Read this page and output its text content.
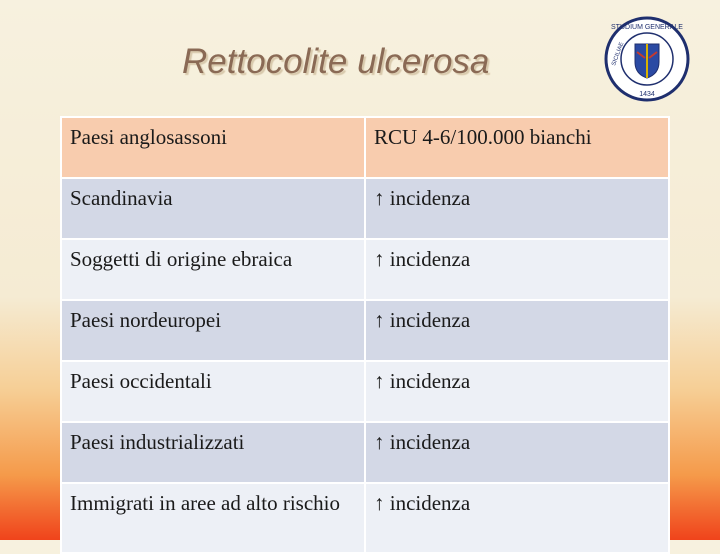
Rettocolite ulcerosa
STUDIUM GENERALE
SICILIAE
1434
Paesi anglosassoni	RCU 4-6/100.000 bianchi
Scandinavia	↑ incidenza
Soggetti di origine ebraica	↑ incidenza
Paesi nordeuropei	↑ incidenza
Paesi occidentali	↑ incidenza
Paesi industrializzati	↑ incidenza
Immigrati in aree ad alto rischio	↑ incidenza
